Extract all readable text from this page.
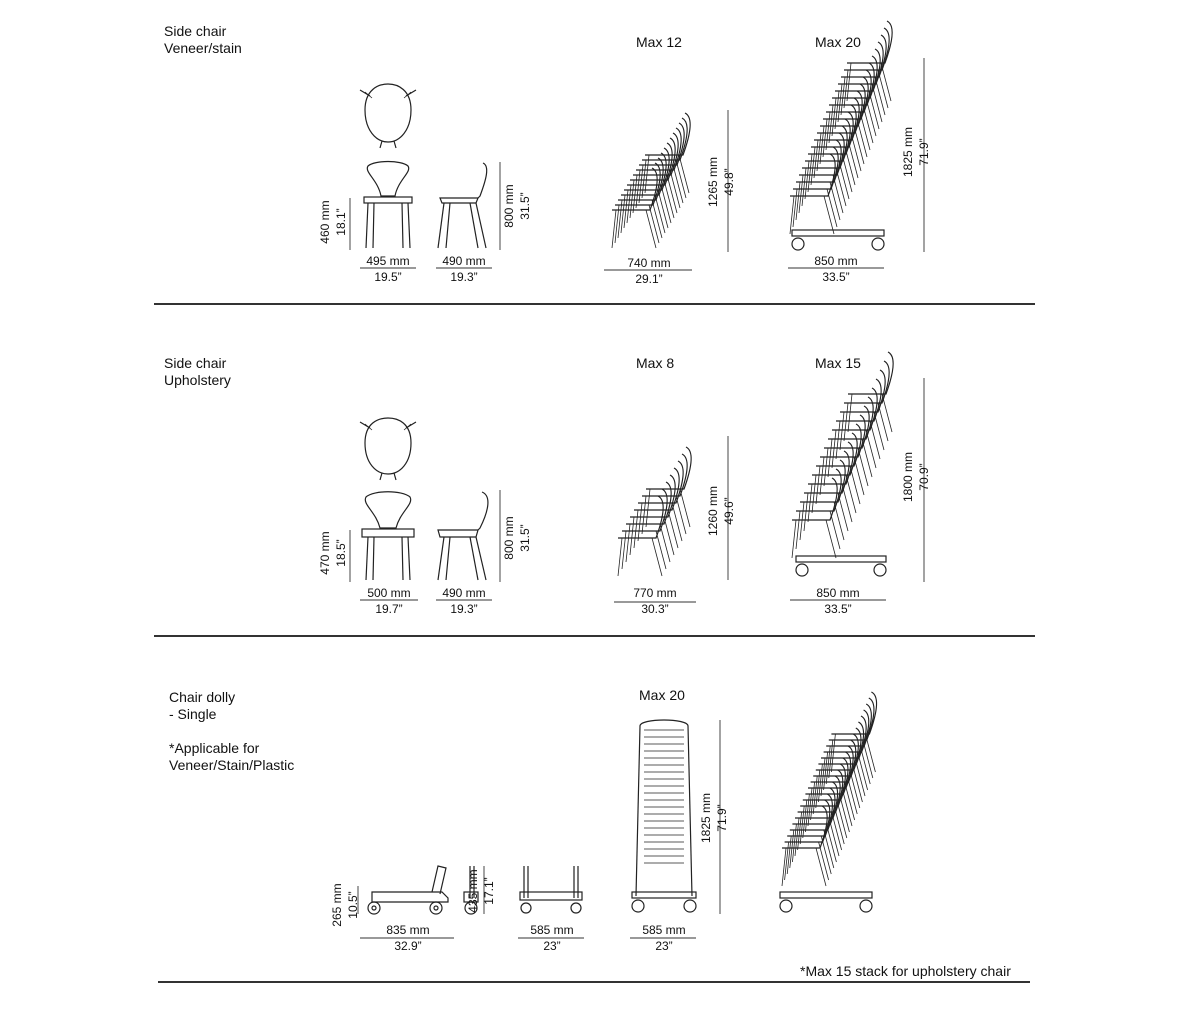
Side chair
Veneer/stain	Max 12	Max 20
495 mm
19.5”
490 mm
19.3”
460 mm 18.1”	800 mm 31.5”
740 mm
29.1”
1265 mm 49.8”
850 mm
33.5”
1825 mm 71.9”
Side chair
Upholstery
Max 8	Max 15
500 mm
19.7”
490 mm
19.3”
470 mm 18.5”	800 mm 31.5”
770 mm
30.3”
1260 mm 49.6”
850 mm
33.5”
1800 mm 70.9”
Chair dolly
- Single
*Applicable for
Veneer/Stain/Plastic
Max 20
265 mm 10.5”
835 mm
32.9”
435 mm 17.1”
585 mm
23”
585 mm
23”
1825 mm 71.9”
*Max 15 stack for upholstery chair
